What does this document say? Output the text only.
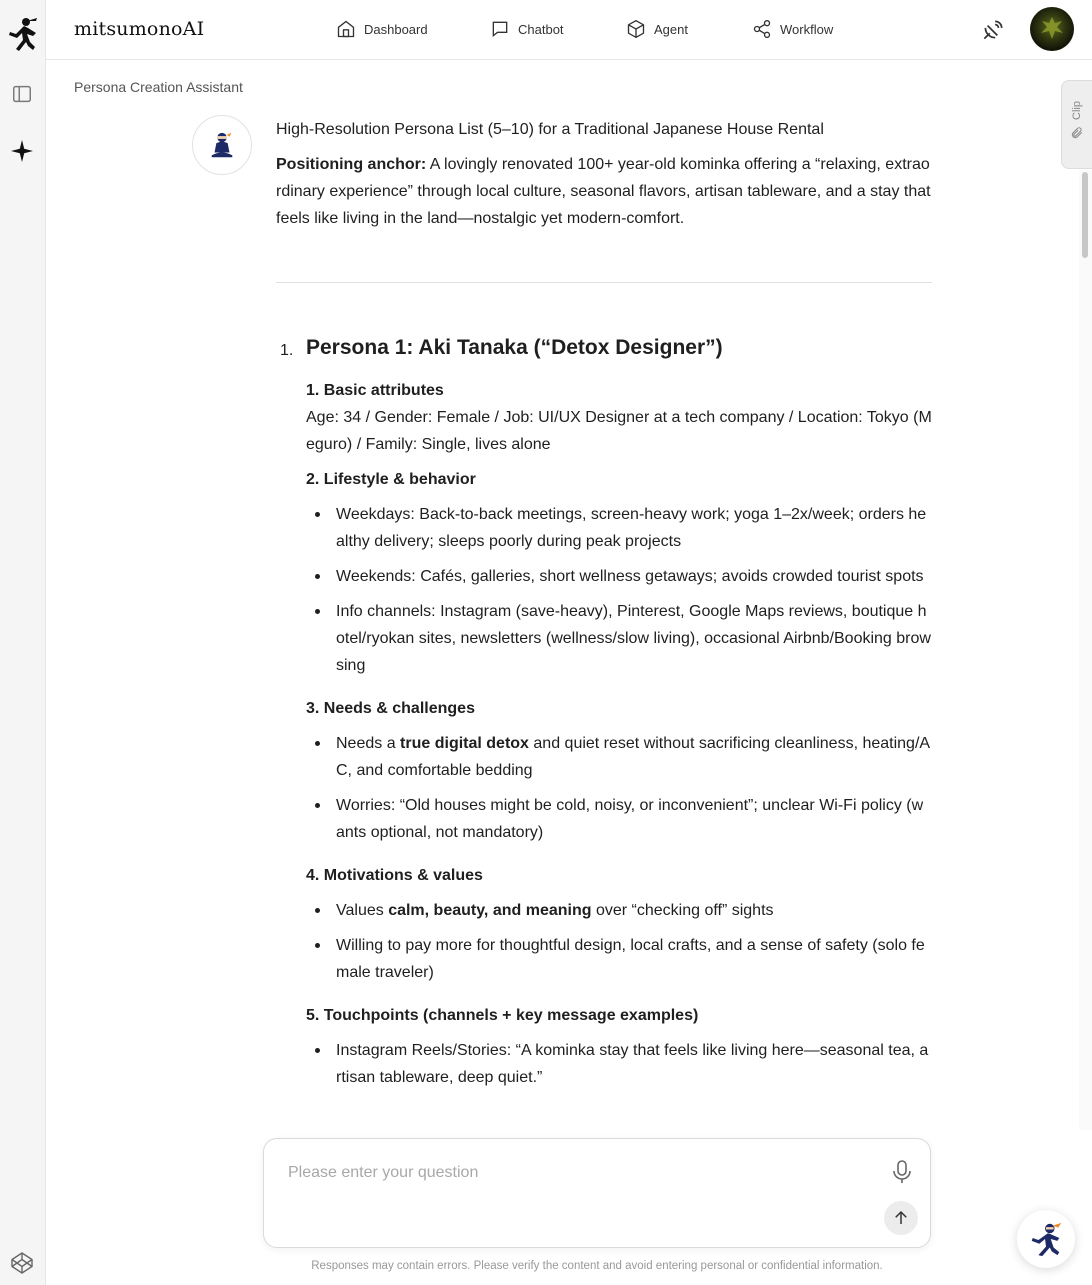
mitsumonoAI	Dashboard	Chatbot	Agent	Workflow
Persona Creation Assistant

High-Resolution Persona List (5–10) for a Traditional Japanese House Rental

Positioning anchor: A lovingly renovated 100+ year-old kominka offering a “relaxing, extraordinary experience” through local culture, seasonal flavors, artisan tableware, and a stay that feels like living in the land—nostalgic yet modern-comfort.

1. Persona 1: Aki Tanaka (“Detox Designer”)
1. Basic attributes

Age: 34 / Gender: Female / Job: UI/UX Designer at a tech company / Location: Tokyo (Meguro) / Family: Single, lives alone

2. Lifestyle & behavior
Weekdays: Back-to-back meetings, screen-heavy work; yoga 1–2x/week; orders healthy delivery; sleeps poorly during peak projects
Weekends: Cafés, galleries, short wellness getaways; avoids crowded tourist spots
Info channels: Instagram (save-heavy), Pinterest, Google Maps reviews, boutique hotel/ryokan sites, newsletters (wellness/slow living), occasional Airbnb/Booking browsing
3. Needs & challenges
Needs a true digital detox and quiet reset without sacrificing cleanliness, heating/AC, and comfortable bedding
Worries: “Old houses might be cold, noisy, or inconvenient”; unclear Wi-Fi policy (wants optional, not mandatory)
4. Motivations & values
Values calm, beauty, and meaning over “checking off” sights
Willing to pay more for thoughtful design, local crafts, and a sense of safety (solo female traveler)
5. Touchpoints (channels + key message examples)
Instagram Reels/Stories: “A kominka stay that feels like living here—seasonal tea, artisan tableware, deep quiet.”
Clip
Please enter your question
Responses may contain errors. Please verify the content and avoid entering personal or confidential information.
